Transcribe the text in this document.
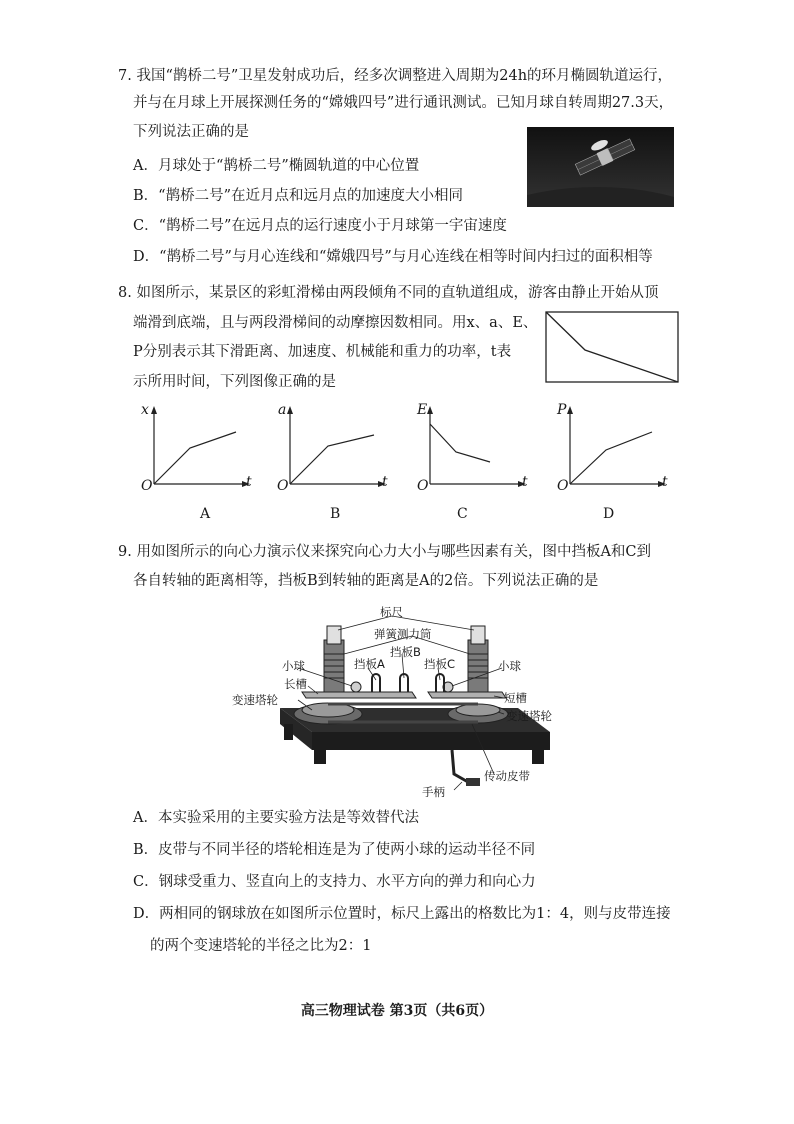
7. 我国“鹊桥二号”卫星发射成功后，经多次调整进入周期为24h的环月椭圆轨道运行，
并与在月球上开展探测任务的“嫦娥四号”进行通讯测试。已知月球自转周期27.3天，
下列说法正确的是
A．月球处于“鹊桥二号”椭圆轨道的中心位置
B．“鹊桥二号”在近月点和远月点的加速度大小相同
C．“鹊桥二号”在远月点的运行速度小于月球第一宇宙速度
D．“鹊桥二号”与月心连线和“嫦娥四号”与月心连线在相等时间内扫过的面积相等
8. 如图所示，某景区的彩虹滑梯由两段倾角不同的直轨道组成，游客由静止开始从顶
端滑到底端，且与两段滑梯间的动摩擦因数相同。用x、a、E、
P分别表示其下滑距离、加速度、机械能和重力的功率，t表
示所用时间，下列图像正确的是
x
O	t
A
a
O	t
B
E
O	t
C
P
O	t
D
9. 用如图所示的向心力演示仪来探究向心力大小与哪些因素有关，图中挡板A和C到
各自转轴的距离相等，挡板B到转轴的距离是A的2倍。下列说法正确的是
标尺
弹簧测力筒
挡板B
小球	挡板A	挡板C	小球
长槽
短槽
变速塔轮
变速塔轮
手柄
传动皮带
A．本实验采用的主要实验方法是等效替代法
B．皮带与不同半径的塔轮相连是为了使两小球的运动半径不同
C．钢球受重力、竖直向上的支持力、水平方向的弹力和向心力
D．两相同的钢球放在如图所示位置时，标尺上露出的格数比为1：4，则与皮带连接
的两个变速塔轮的半径之比为2：1
高三物理试卷 第3页（共6页）
